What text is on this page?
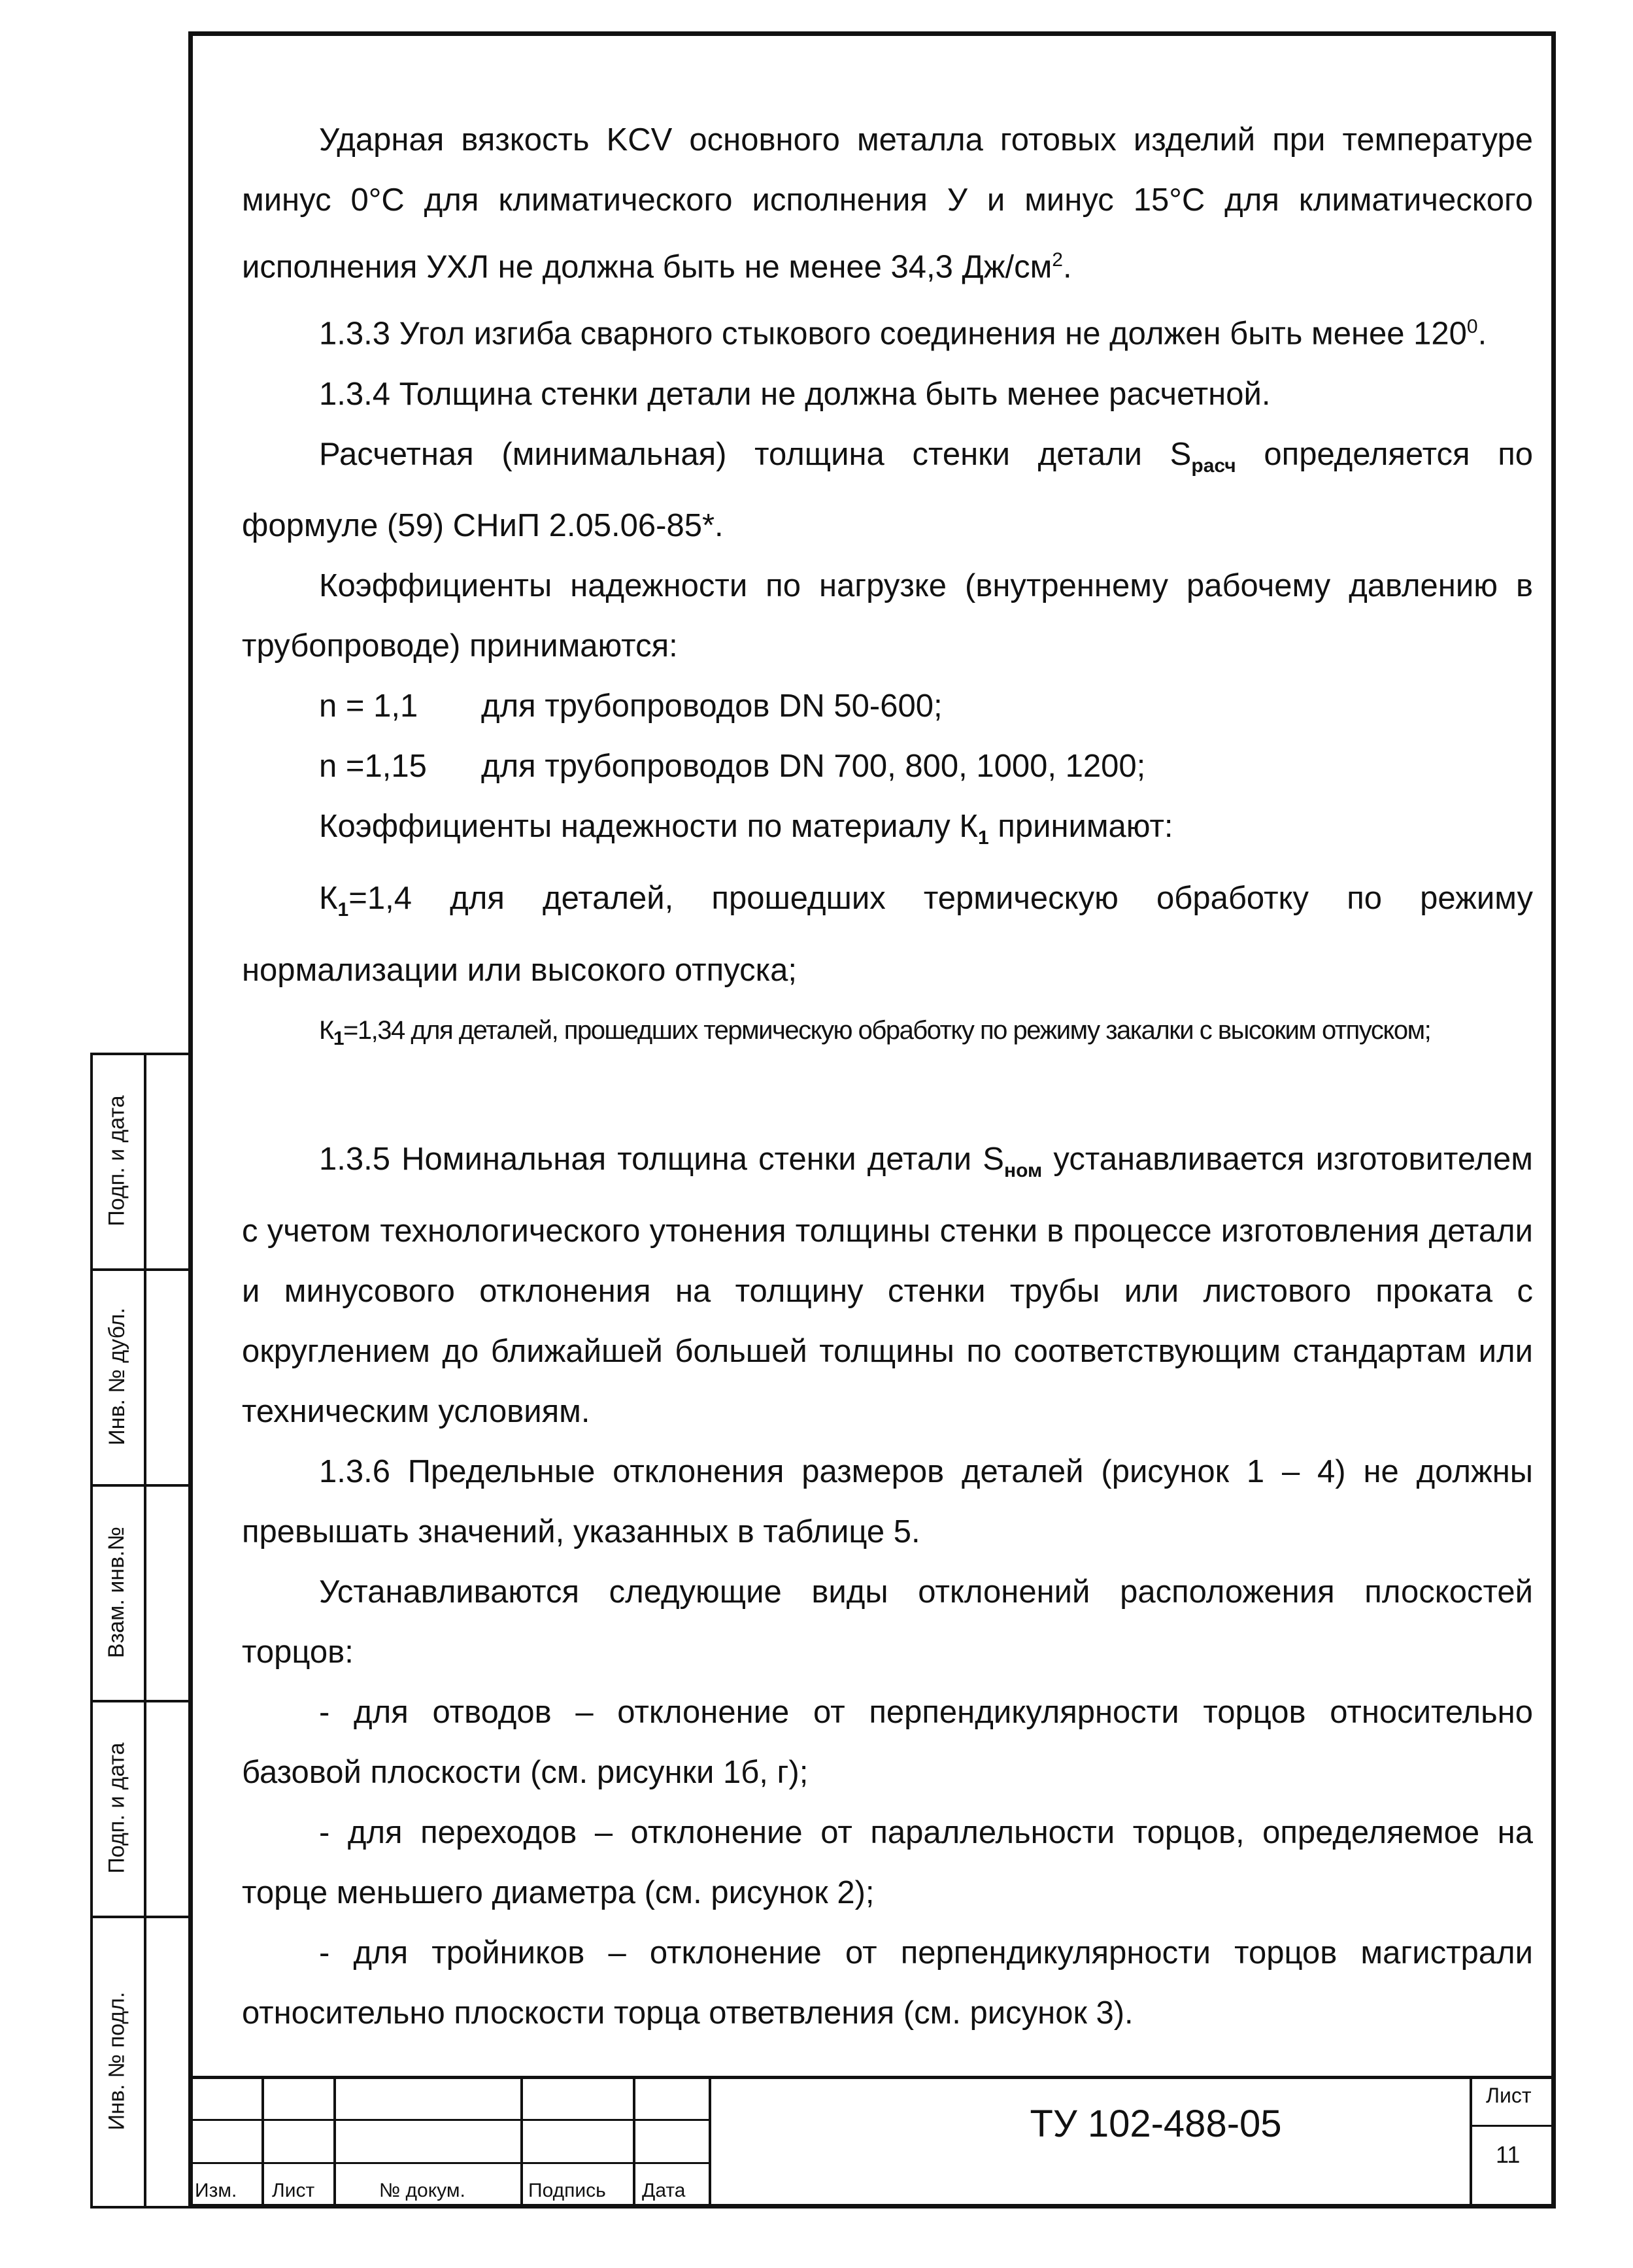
Ударная вязкость KCV основного металла готовых изделий при температуре минус 0°С для климатического исполнения У и минус 15°С для климатического исполнения УХЛ не должна быть не менее 34,3 $Дж/см^2$.

1.3.3 Угол изгиба сварного стыкового соединения не должен быть менее $120^0$.

1.3.4 Толщина стенки детали не должна быть менее расчетной.

Расчетная (минимальная) толщина стенки детали $S_{расч}$ определяется по формуле (59) СНиП 2.05.06-85*.

Коэффициенты надежности по нагрузке (внутреннему рабочему давлению в трубопроводе) принимаются:

n = 1,1 для трубопроводов DN 50-600;

n =1,15 для трубопроводов DN 700, 800, 1000, 1200;

Коэффициенты надежности по материалу $К_1$ принимают:

$К_1=1,4$ для деталей, прошедших термическую обработку по режиму нормализации или высокого отпуска;

$К_1=1,34$ для деталей, прошедших термическую обработку по режиму закалки с высоким отпуском;

1.3.5 Номинальная толщина стенки детали $S_{ном}$ устанавливается изготовителем с учетом технологического утонения толщины стенки в процессе изготовления детали и минусового отклонения на толщину стенки трубы или листового проката с округлением до ближайшей большей толщины по соответствующим стандартам или техническим условиям.

1.3.6 Предельные отклонения размеров деталей (рисунок 1 – 4) не должны превышать значений, указанных в таблице 5.

Устанавливаются следующие виды отклонений расположения плоскостей торцов:

- для отводов – отклонение от перпендикулярности торцов относительно базовой плоскости (см. рисунки 1б, г);

- для переходов – отклонение от параллельности торцов, определяемое на торце меньшего диаметра (см. рисунок 2);

- для тройников – отклонение от перпендикулярности торцов магистрали относительно плоскости торца ответвления (см. рисунок 3).

Подп. и дата
Инв. № дубл.
Взам. инв.№
Подп. и дата
Инв. № подл.
Изм. Лист	№ докум.	Подпись Дата
ТУ 102-488-05
Лист
11
